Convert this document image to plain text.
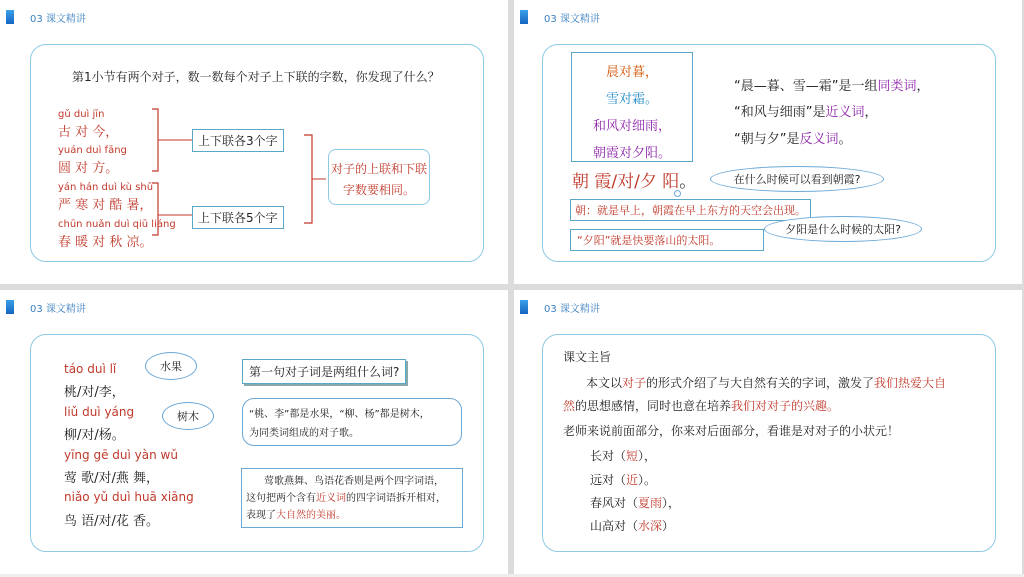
03 课文精讲
第1小节有两个对子，数一数每个对子上下联的字数，你发现了什么？
gǔ duì jīn
古 对 今，
yuán duì fāng
圆 对 方。
yán hán duì kù shǔ
严 寒 对 酷 暑，
chūn nuǎn duì qiū liáng
春 暖 对 秋 凉。
上下联各3个字
上下联各5个字
对子的上联和下联
字数要相同。
03 课文精讲
晨对暮，
雪对霜。
和风对细雨，
朝霞对夕阳。
“晨—暮、雪—霜”是一组同类词，
“和风与细雨”是近义词，
“朝与夕”是反义词。
朝 霞/对/夕 阳。	在什么时候可以看到朝霞?
朝：就是早上，朝霞在早上东方的天空会出现。
“夕阳”就是快要落山的太阳。
夕阳是什么时候的太阳?
03 课文精讲
táo duì lǐ
桃/对/李，
liǔ duì yáng
柳/对/杨。
yīng gē duì yàn wǔ
莺 歌/对/燕 舞，
niǎo yǔ duì huā xiāng
鸟 语/对/花 香。
水果
树木
第一句对子词是两组什么词?
“桃、李”都是水果，“柳、杨”都是树木，
为同类词组成的对子歌。
莺歌燕舞、鸟语花香则是两个四字词语，
这句把两个含有近义词的四字词语拆开相对，
表现了大自然的美丽。
03 课文精讲
课文主旨
本文以对子的形式介绍了与大自然有关的字词，激发了我们热爱大自
然的思想感情，同时也意在培养我们对对子的兴趣。
老师来说前面部分，你来对后面部分，看谁是对对子的小状元！
长对（短），
远对（近）。
春风对（夏雨），
山高对（水深）
